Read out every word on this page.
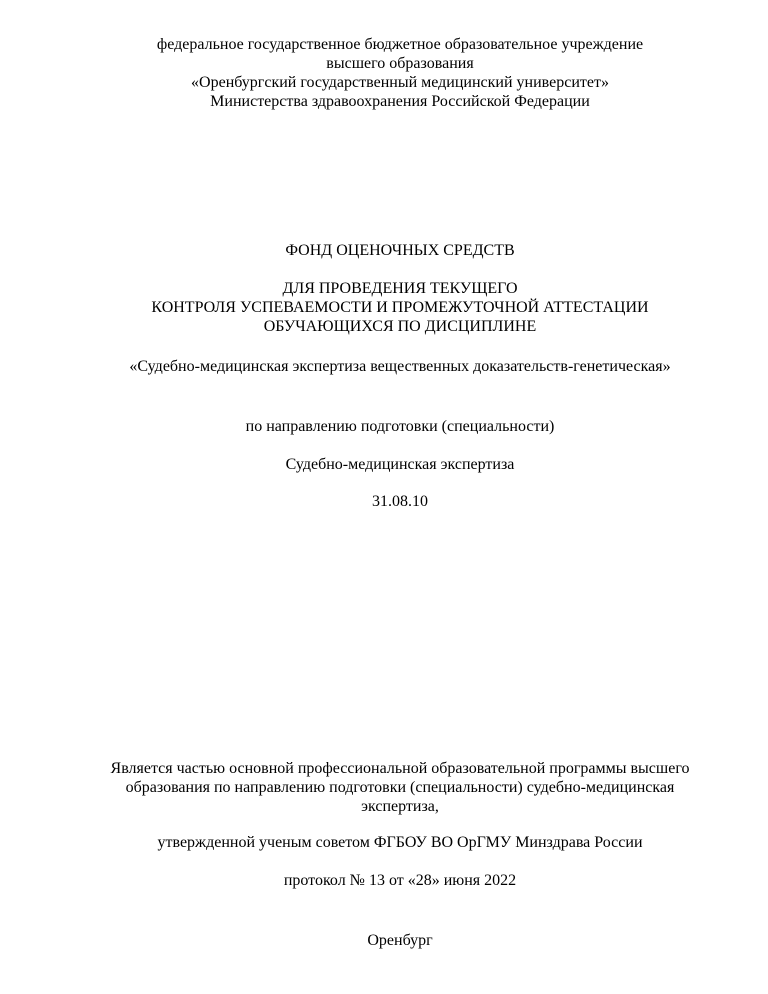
федеральное государственное бюджетное образовательное учреждение
высшего образования
«Оренбургский государственный медицинский университет»
Министерства здравоохранения Российской Федерации
ФОНД ОЦЕНОЧНЫХ СРЕДСТВ
ДЛЯ ПРОВЕДЕНИЯ ТЕКУЩЕГО
КОНТРОЛЯ УСПЕВАЕМОСТИ И ПРОМЕЖУТОЧНОЙ АТТЕСТАЦИИ
ОБУЧАЮЩИХСЯ ПО ДИСЦИПЛИНЕ
«Судебно-медицинская экспертиза вещественных доказательств-генетическая»
по направлению подготовки (специальности)
Судебно-медицинская экспертиза
31.08.10
Является частью основной профессиональной образовательной программы высшего
образования по направлению подготовки (специальности) судебно-медицинская
экспертиза,
утвержденной ученым советом ФГБОУ ВО ОрГМУ Минздрава России
протокол № 13 от «28» июня 2022
Оренбург
